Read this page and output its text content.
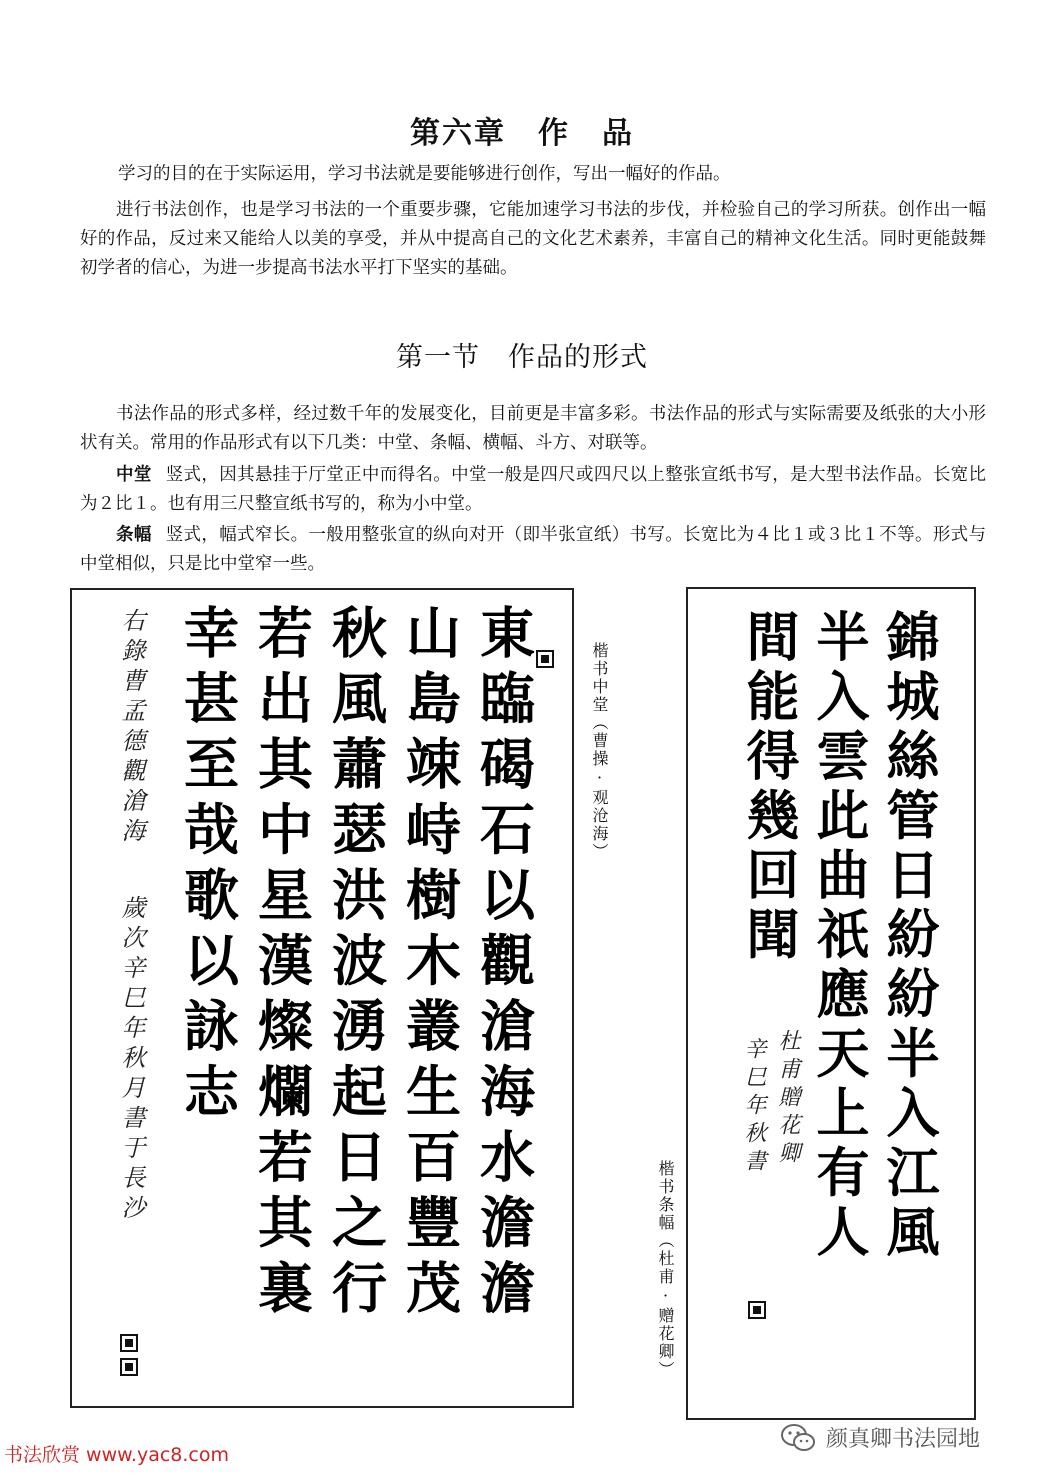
第六章　作　品

学习的目的在于实际运用，学习书法就是要能够进行创作，写出一幅好的作品。

进行书法创作，也是学习书法的一个重要步骤，它能加速学习书法的步伐，并检验自己的学习所获。创作出一幅好的作品，反过来又能给人以美的享受，并从中提高自己的文化艺术素养，丰富自己的精神文化生活。同时更能鼓舞初学者的信心，为进一步提高书法水平打下坚实的基础。

第一节　作品的形式

书法作品的形式多样，经过数千年的发展变化，目前更是丰富多彩。书法作品的形式与实际需要及纸张的大小形状有关。常用的作品形式有以下几类：中堂、条幅、横幅、斗方、对联等。

中堂 竖式，因其悬挂于厅堂正中而得名。中堂一般是四尺或四尺以上整张宣纸书写，是大型书法作品。长宽比为２比１。也有用三尺整宣纸书写的，称为小中堂。

条幅 竖式，幅式窄长。一般用整张宣的纵向对开（即半张宣纸）书写。长宽比为４比１或３比１不等。形式与中堂相似，只是比中堂窄一些。

東臨碣石以觀滄海水澹澹
山島竦峙樹木叢生百豐茂
秋風蕭瑟洪波湧起日之行
若出其中星漢燦爛若其裏
幸甚至哉歌以詠志
右錄曹孟德觀滄海
歲次辛巳年秋月書于長沙
楷书中堂（曹操·观沧海）	錦城絲管日紛紛半入江風
半入雲此曲祇應天上有人
間能得幾回聞
杜甫贈花卿
辛巳年秋書
楷书条幅（杜甫·赠花卿）
书法欣赏 www.yac8.com
颜真卿书法园地
